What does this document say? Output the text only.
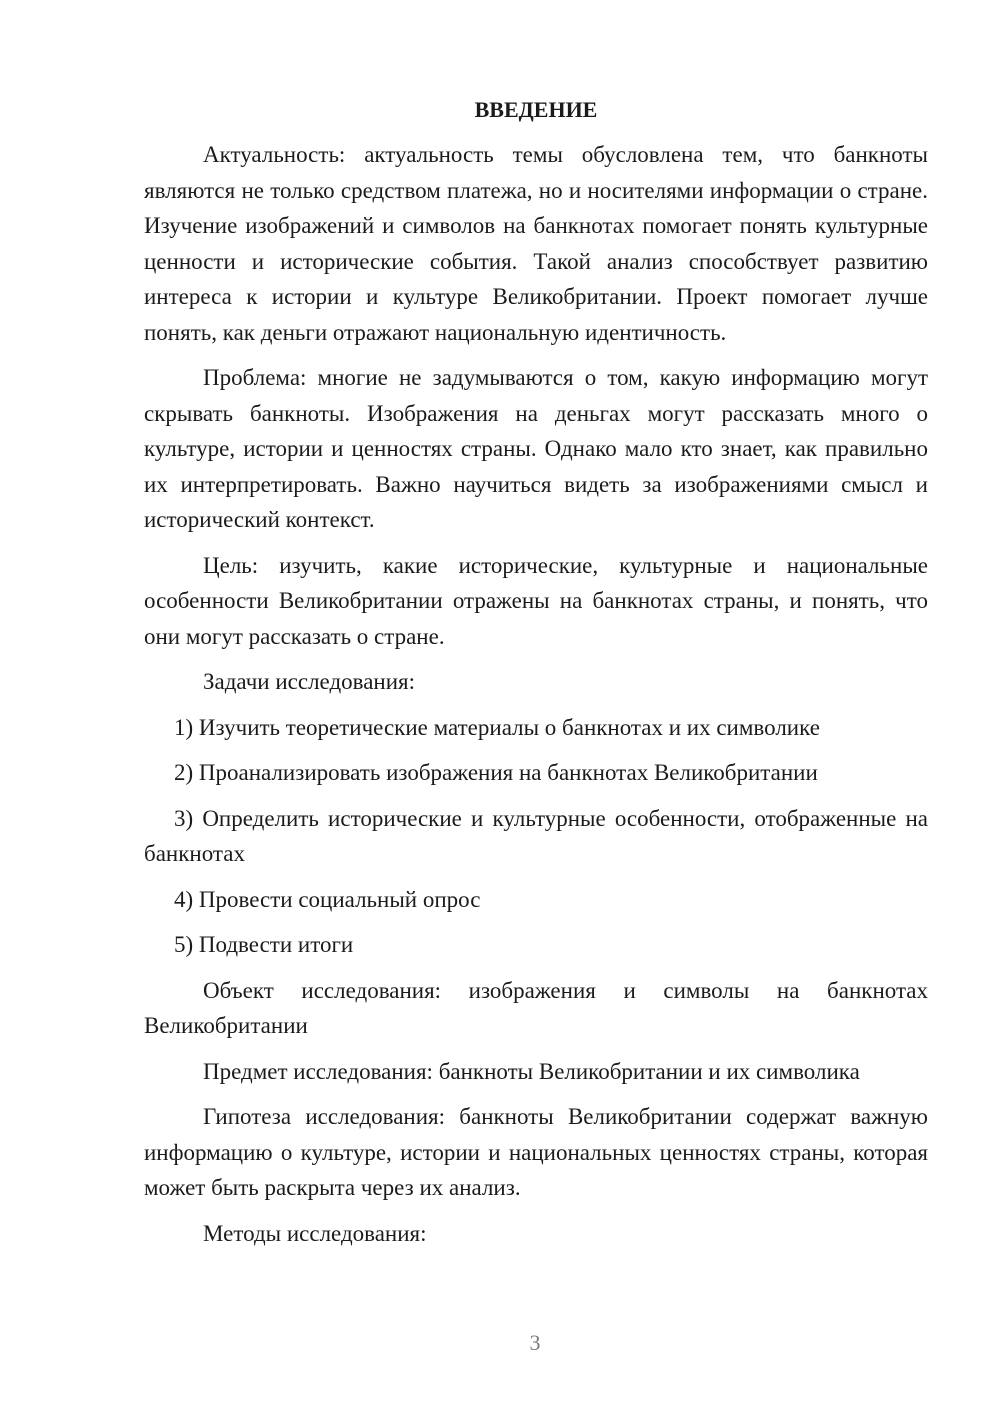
ВВЕДЕНИЕ

Актуальность: актуальность темы обусловлена тем, что банкноты являются не только средством платежа, но и носителями информации о стране. Изучение изображений и символов на банкнотах помогает понять культурные ценности и исторические события. Такой анализ способствует развитию интереса к истории и культуре Великобритании. Проект помогает лучше понять, как деньги отражают национальную идентичность.

Проблема: многие не задумываются о том, какую информацию могут скрывать банкноты. Изображения на деньгах могут рассказать много о культуре, истории и ценностях страны. Однако мало кто знает, как правильно их интерпретировать. Важно научиться видеть за изображениями смысл и исторический контекст.

Цель: изучить, какие исторические, культурные и национальные особенности Великобритании отражены на банкнотах страны, и понять, что они могут рассказать о стране.

Задачи исследования:

1) Изучить теоретические материалы о банкнотах и их символике

2) Проанализировать изображения на банкнотах Великобритании

3) Определить исторические и культурные особенности, отображенные на банкнотах

4) Провести социальный опрос

5) Подвести итоги

Объект исследования: изображения и символы на банкнотах Великобритании

Предмет исследования: банкноты Великобритании и их символика

Гипотеза исследования: банкноты Великобритании содержат важную информацию о культуре, истории и национальных ценностях страны, которая может быть раскрыта через их анализ.

Методы исследования:

3
